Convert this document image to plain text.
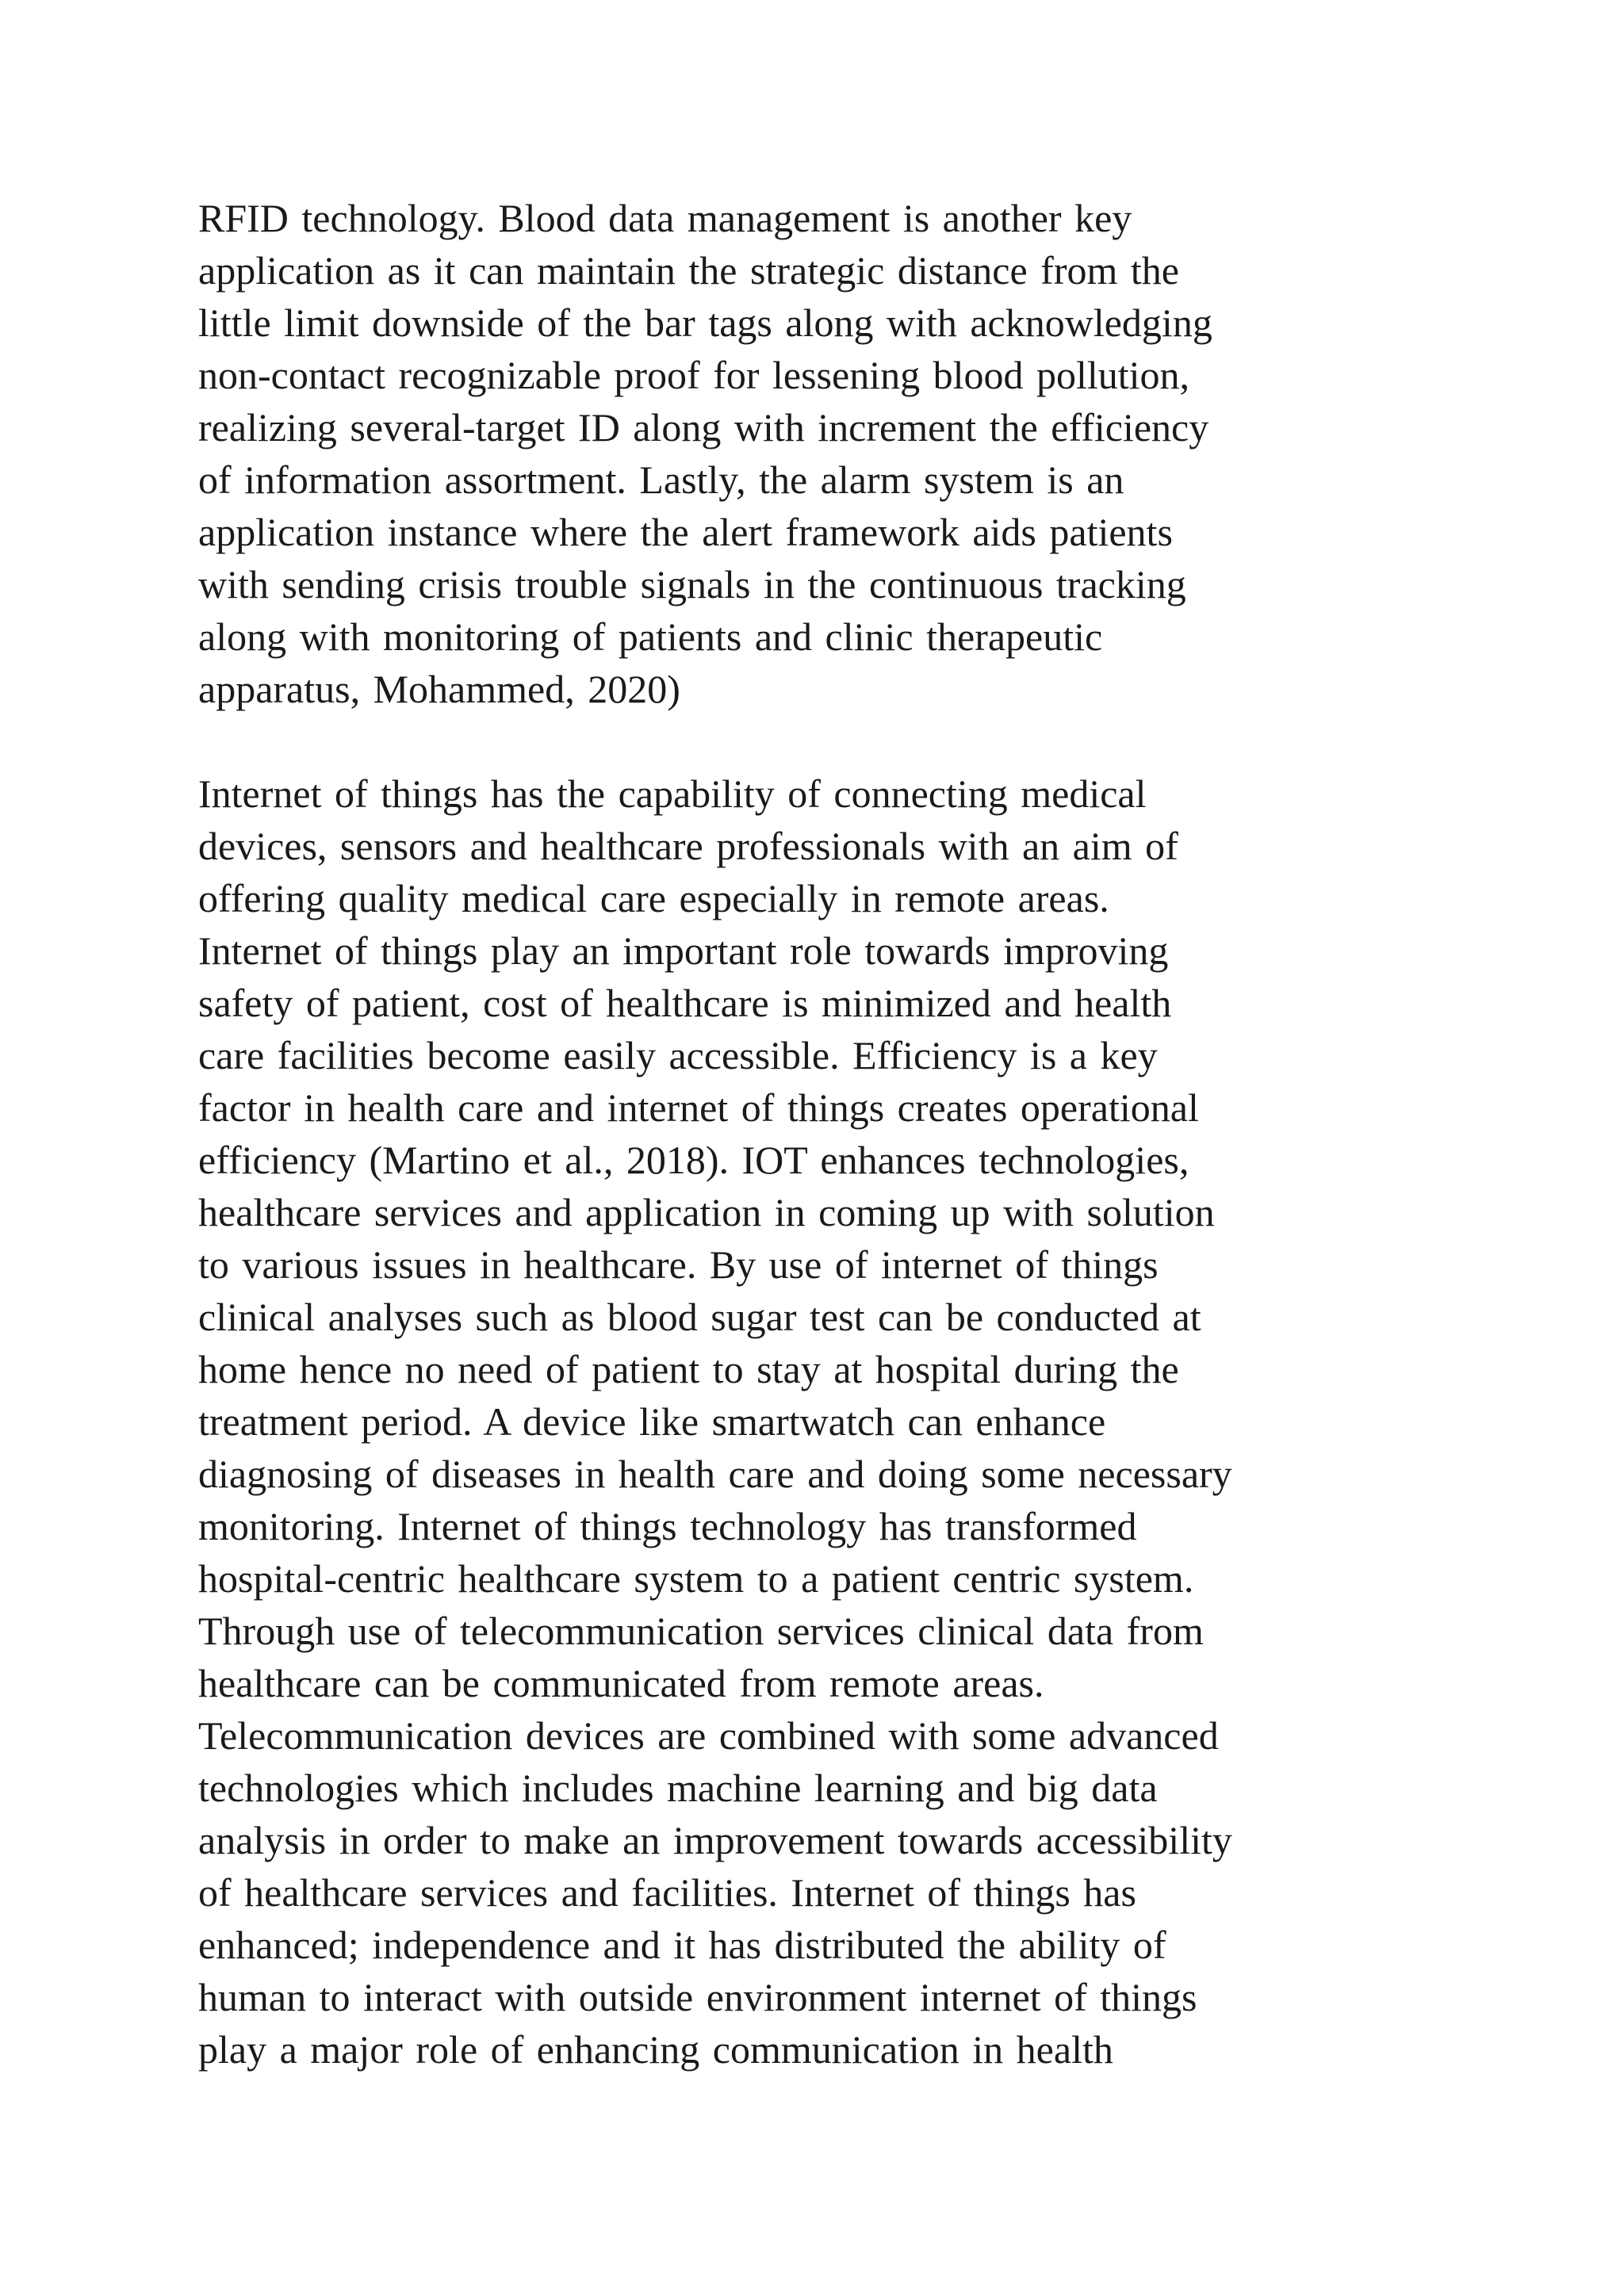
RFID technology. Blood data management is another key
application as it can maintain the strategic distance from the
little limit downside of the bar tags along with acknowledging
non-contact recognizable proof for lessening blood pollution,
realizing several-target ID along with increment the efficiency
of information assortment. Lastly, the alarm system is an
application instance where the alert framework aids patients
with sending crisis trouble signals in the continuous tracking
along with monitoring of patients and clinic therapeutic
apparatus, Mohammed, 2020)
Internet of things has the capability of connecting medical
devices, sensors and healthcare professionals with an aim of
offering quality medical care especially in remote areas.
Internet of things play an important role towards improving
safety of patient, cost of healthcare is minimized and health
care facilities become easily accessible. Efficiency is a key
factor in health care and internet of things creates operational
efficiency (Martino et al., 2018). IOT enhances technologies,
healthcare services and application in coming up with solution
to various issues in healthcare. By use of internet of things
clinical analyses such as blood sugar test can be conducted at
home hence no need of patient to stay at hospital during the
treatment period. A device like smartwatch can enhance
diagnosing of diseases in health care and doing some necessary
monitoring. Internet of things technology has transformed
hospital-centric healthcare system to a patient centric system.
Through use of telecommunication services clinical data from
healthcare can be communicated from remote areas.
Telecommunication devices are combined with some advanced
technologies which includes machine learning and big data
analysis in order to make an improvement towards accessibility
of healthcare services and facilities. Internet of things has
enhanced; independence and it has distributed the ability of
human to interact with outside environment internet of things
play a major role of enhancing communication in health
